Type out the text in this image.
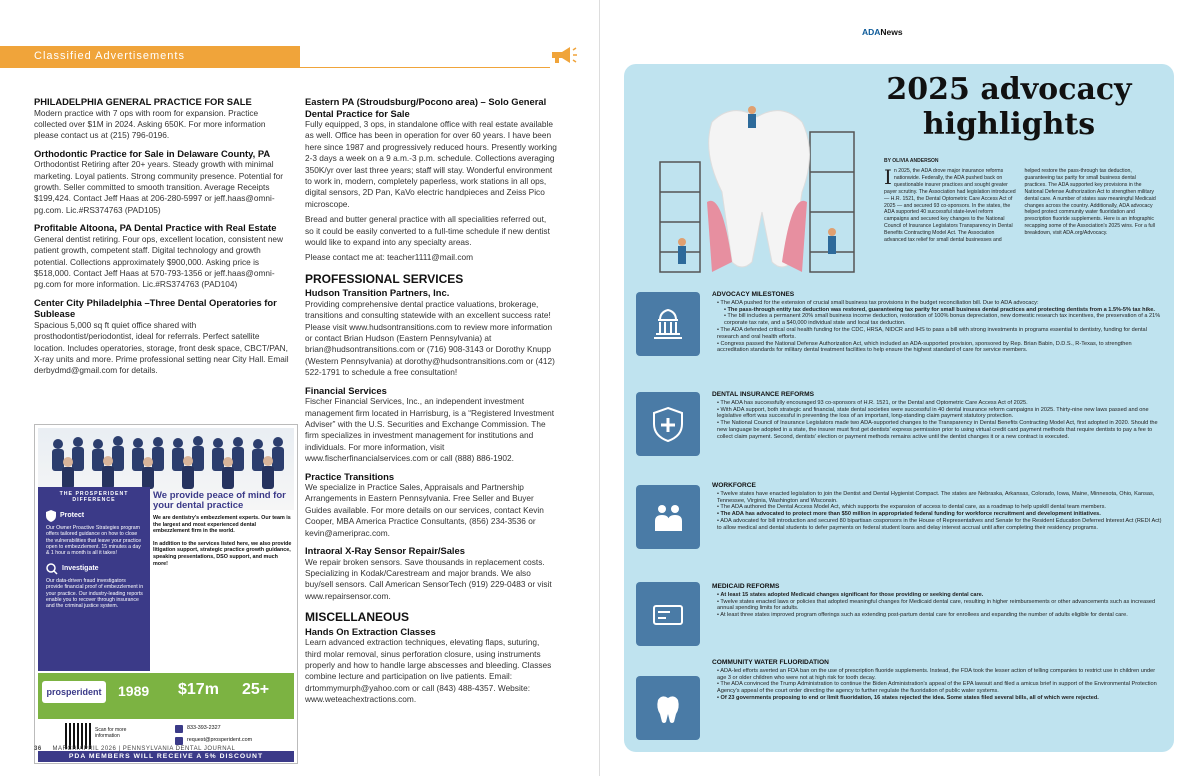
Classified Advertisements
PHILADELPHIA GENERAL PRACTICE FOR SALE

Modern practice with 7 ops with room for expansion. Practice collected over $1M in 2024. Asking 650K. For more information please contact us at (215) 796-0196.

Orthodontic Practice for Sale in Delaware County, PA

Orthodontist Retiring after 20+ years. Steady growth with minimal marketing. Loyal patients. Strong community presence. Potential for growth. Seller committed to smooth transition. Average Receipts $199,424. Contact Jeff Haas at 206-280-5997 or jeff.haas@omni-pg.com. Lic.#RS374763 (PAD105)

Profitable Altoona, PA Dental Practice with Real Estate

General dentist retiring. Four ops, excellent location, consistent new patient growth, competent staff. Digital technology and growth potential. Collections approximately $900,000. Asking price is $518,000. Contact Jeff Haas at 570-793-1356 or jeff.haas@omni-pg.com for more information. Lic.#RS374763 (PAD104)

Center City Philadelphia –Three Dental Operatories for Sublease

Spacious 5,000 sq ft quiet office shared with prosthodontist/periodontist, ideal for referrals. Perfect satellite location. Includes operatories, storage, front desk space, CBCT/PAN, X-ray units and more. Prime professional setting near City Hall. Email derbydmd@gmail.com for details.

Eastern PA (Stroudsburg/Pocono area) – Solo General Dental Practice for Sale

Fully equipped, 3 ops, in standalone office with real estate available as well. Office has been in operation for over 60 years. I have been here since 1987 and progressively reduced hours. Presently working 2-3 days a week on a 9 a.m.-3 p.m. schedule. Collections averaging 350K/yr over last three years; staff will stay. Wonderful environment to work in, modern, completely paperless, work stations in all ops, digital sensors, 2D Pan, KaVo electric handpieces and Zeiss Pico microscope.

Bread and butter general practice with all specialities referred out, so it could be easily converted to a full-time schedule if new dentist would like to expand into any specialty areas.

Please contact me at: teacher1111@mail.com

PROFESSIONAL SERVICES
Hudson Transition Partners, Inc.

Providing comprehensive dental practice valuations, brokerage, transitions and consulting statewide with an excellent success rate! Please visit www.hudsontransitions.com to review more information or contact Brian Hudson (Eastern Pennsylvania) at brian@hudsontransitions.com or (716) 908-3143 or Dorothy Knupp (Western Pennsylvania) at dorothy@hudsontransitions.com or (412) 522-1791 to schedule a free consultation!

Financial Services

Fischer Financial Services, Inc., an independent investment management firm located in Harrisburg, is a “Registered Investment Adviser” with the U.S. Securities and Exchange Commission. The firm specializes in investment management for institutions and individuals. For more information, visit www.fischerfinancialservices.com or call (888) 886-1902.

Practice Transitions

We specialize in Practice Sales, Appraisals and Partnership Arrangements in Eastern Pennsylvania. Free Seller and Buyer Guides available. For more details on our services, contact Kevin Cooper, MBA America Practice Consultants, (856) 234-3536 or kevin@ameriprac.com.

Intraoral X-Ray Sensor Repair/Sales

We repair broken sensors. Save thousands in replacement costs. Specializing in Kodak/Carestream and major brands. We also buy/sell sensors. Call American SensorTech (919) 229-0483 or visit www.repairsensor.com.

MISCELLANEOUS
Hands On Extraction Classes

Learn advanced extraction techniques, elevating flaps, suturing, third molar removal, sinus perforation closure, using instruments properly and how to handle large abscesses and bleeding. Classes combine lecture and participation on live patients. Email: drtommymurph@yahoo.com or call (843) 488-4357. Website: www.weteachextractions.com.

THE PROSPERIDENT DIFFERENCE
Protect
Our Owner Proactive Strategies program offers tailored guidance on how to close the vulnerabilities that leave your practice open to embezzlement. 15 minutes a day & 1 hour a month is all it takes!
Investigate
Our data-driven fraud investigators provide financial proof of embezzlement in your practice. Our industry-leading reports enable you to recover through insurance and the criminal justice system.
We provide peace of mind for your dental practice
We are dentistry's embezzlement experts. Our team is the largest and most experienced dental embezzlement firm in the world.
In addition to the services listed here, we also provide litigation support, strategic practice growth guidance, speaking presentations, DSO support, and much more!
prosperident	1989 $17m 25+
Scan for more information
833-393-2327
request@prosperident.com
PDA MEMBERS WILL RECEIVE A 5% DISCOUNT
36 MARCH/APRIL 2026 | PENNSYLVANIA DENTAL JOURNAL
ADANews
2025 advocacy highlights
BY OLIVIA ANDERSON
In 2025, the ADA drove major insurance reforms nationwide. Federally, the ADA pushed back on questionable insurer practices and sought greater payer scrutiny. The Association had legislation introduced — H.R. 1521, the Dental Optometric Care Access Act of 2025 — and secured 93 co-sponsors. In the states, the ADA supported 40 successful state-level reform campaigns and secured key changes to the National Council of Insurance Legislators Transparency in Dental Benefits Contracting Model Act. The Association advanced tax relief for small dental businesses and helped restore the pass-through tax deduction, guaranteeing tax parity for small business dental practices. The ADA supported key provisions in the National Defense Authorization Act to strengthen military dental care. A number of states saw meaningful Medicaid changes across the country. Additionally, ADA advocacy helped protect community water fluoridation and prescription fluoride supplements. Here is an infographic recapping some of the Association's 2025 wins. For a full breakdown, visit ADA.org/Advocacy.
ADVOCACY MILESTONES
• The ADA pushed for the extension of crucial small business tax provisions in the budget reconciliation bill. Due to ADA advocacy:
• The pass-through entity tax deduction was restored, guaranteeing tax parity for small business dental practices and protecting dentists from a 1.5%-5% tax hike.
• The bill includes a permanent 20% small business income deduction, restoration of 100% bonus depreciation, new domestic research tax incentives, the preservation of a 21% corporate tax rate, and a $40,000 individual state and local tax deduction.
• The ADA defended critical oral health funding for the CDC, HRSA, NIDCR and IHS to pass a bill with strong investments in programs essential to dentistry, funding for dental research and oral health efforts.
• Congress passed the National Defense Authorization Act, which included an ADA-supported provision, sponsored by Rep. Brian Babin, D.D.S., R-Texas, to strengthen accreditation standards for military dental treatment facilities to help ensure the highest standard of care for service members.
DENTAL INSURANCE REFORMS
• The ADA has successfully encouraged 93 co-sponsors of H.R. 1521, or the Dental and Optometric Care Access Act of 2025.
• With ADA support, both strategic and financial, state dental societies were successful in 40 dental insurance reform campaigns in 2025. Thirty-nine new laws passed and one legislative effort was successful in preventing the loss of an important, long-standing claim payment statutory protection.
• The National Council of Insurance Legislators made two ADA-supported changes to the Transparency in Dental Benefits Contracting Model Act, first adopted in 2020. Should the new language be adopted in a state, the insurer must first get dentists' express permission prior to using virtual credit card payment methods that require dentists to pay a fee to collect claim payment. Second, dentists' election or payment methods remains active until the dentist changes it or a new contract is executed.
WORKFORCE
• Twelve states have enacted legislation to join the Dentist and Dental Hygienist Compact. The states are Nebraska, Arkansas, Colorado, Iowa, Maine, Minnesota, Ohio, Kansas, Tennessee, Virginia, Washington and Wisconsin.
• The ADA authored the Dental Access Model Act, which supports the expansion of access to dental care, as a roadmap to help upskill dental team members.
• The ADA has advocated to protect more than $50 million in appropriated federal funding for workforce recruitment and development initiatives.
• ADA advocated for bill introduction and secured 80 bipartisan cosponsors in the House of Representatives and Senate for the Resident Education Deferred Interest Act (REDI Act) to allow medical and dental students to defer payments on federal student loans and delay interest accrual until after completing their residency programs.
MEDICAID REFORMS
• At least 15 states adopted Medicaid changes significant for those providing or seeking dental care.
• Twelve states enacted laws or policies that adopted meaningful changes for Medicaid dental care, resulting in higher reimbursements or other advancements such as increased annual spending limits for adults.
• At least three states improved program offerings such as extending post-partum dental care for enrollees and expanding the number of adults eligible for dental care.
COMMUNITY WATER FLUORIDATION
• ADA-led efforts averted an FDA ban on the use of prescription fluoride supplements. Instead, the FDA took the lesser action of telling companies to restrict use in children under age 3 or older children who were not at high risk for tooth decay.
• The ADA convinced the Trump Administration to continue the Biden Administration's appeal of the EPA lawsuit and filed a amicus brief in support of the Environmental Protection Agency's appeal of the court order directing the agency to further regulate the fluoridation of public water systems.
• Of 23 governments proposing to end or limit fluoridation, 16 states rejected the idea. Some states filed several bills, all of which were rejected.
